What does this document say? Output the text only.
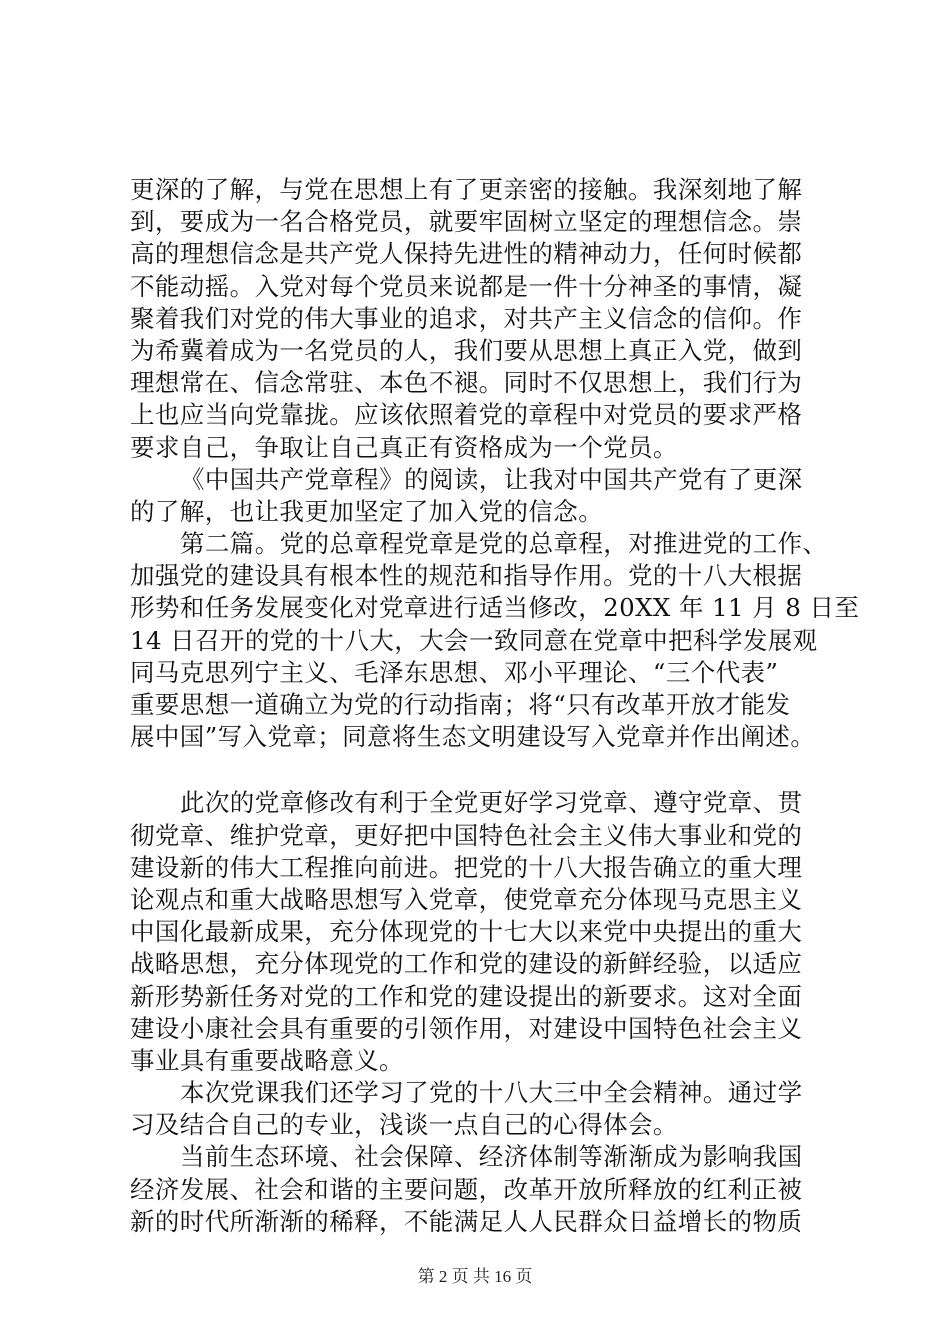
更深的了解，与党在思想上有了更亲密的接触。我深刻地了解
到，要成为一名合格党员，就要牢固树立坚定的理想信念。崇
高的理想信念是共产党人保持先进性的精神动力，任何时候都
不能动摇。入党对每个党员来说都是一件十分神圣的事情，凝
聚着我们对党的伟大事业的追求，对共产主义信念的信仰。作
为希冀着成为一名党员的人，我们要从思想上真正入党，做到
理想常在、信念常驻、本色不褪。同时不仅思想上，我们行为
上也应当向党靠拢。应该依照着党的章程中对党员的要求严格
要求自己，争取让自己真正有资格成为一个党员。
《中国共产党章程》的阅读，让我对中国共产党有了更深
的了解，也让我更加坚定了加入党的信念。
第二篇。党的总章程党章是党的总章程，对推进党的工作、
加强党的建设具有根本性的规范和指导作用。党的十八大根据
形势和任务发展变化对党章进行适当修改，20XX 年 11 月 8 日至
14 日召开的党的十八大，大会一致同意在党章中把科学发展观
同马克思列宁主义、毛泽东思想、邓小平理论、“三个代表”
重要思想一道确立为党的行动指南；将“只有改革开放才能发
展中国”写入党章；同意将生态文明建设写入党章并作出阐述。
此次的党章修改有利于全党更好学习党章、遵守党章、贯
彻党章、维护党章，更好把中国特色社会主义伟大事业和党的
建设新的伟大工程推向前进。把党的十八大报告确立的重大理
论观点和重大战略思想写入党章，使党章充分体现马克思主义
中国化最新成果，充分体现党的十七大以来党中央提出的重大
战略思想，充分体现党的工作和党的建设的新鲜经验，以适应
新形势新任务对党的工作和党的建设提出的新要求。这对全面
建设小康社会具有重要的引领作用，对建设中国特色社会主义
事业具有重要战略意义。
本次党课我们还学习了党的十八大三中全会精神。通过学
习及结合自己的专业，浅谈一点自己的心得体会。
当前生态环境、社会保障、经济体制等渐渐成为影响我国
经济发展、社会和谐的主要问题，改革开放所释放的红利正被
新的时代所渐渐的稀释，不能满足人人民群众日益增长的物质
第 2 页 共 16 页
